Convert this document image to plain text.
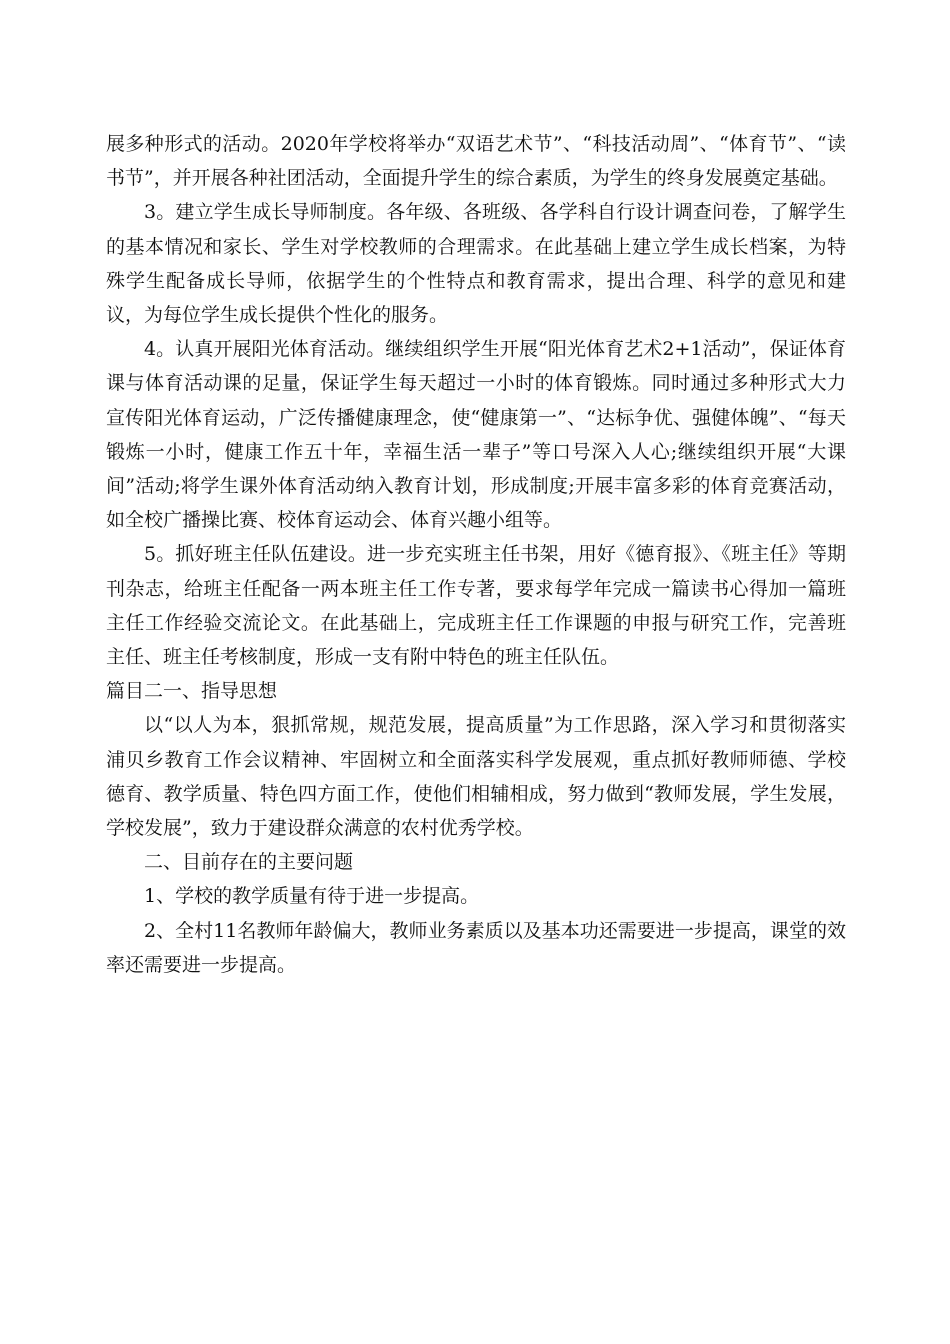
展多种形式的活动。2020年学校将举办“双语艺术节”、“科技活动周”、“体育节”、“读书节”，并开展各种社团活动，全面提升学生的综合素质，为学生的终身发展奠定基础。

3。建立学生成长导师制度。各年级、各班级、各学科自行设计调查问卷，了解学生的基本情况和家长、学生对学校教师的合理需求。在此基础上建立学生成长档案，为特殊学生配备成长导师，依据学生的个性特点和教育需求，提出合理、科学的意见和建议，为每位学生成长提供个性化的服务。

4。认真开展阳光体育活动。继续组织学生开展“阳光体育艺术2+1活动”，保证体育课与体育活动课的足量，保证学生每天超过一小时的体育锻炼。同时通过多种形式大力宣传阳光体育运动，广泛传播健康理念，使“健康第一”、“达标争优、强健体魄”、“每天锻炼一小时，健康工作五十年，幸福生活一辈子”等口号深入人心;继续组织开展“大课间”活动;将学生课外体育活动纳入教育计划，形成制度;开展丰富多彩的体育竞赛活动，如全校广播操比赛、校体育运动会、体育兴趣小组等。

5。抓好班主任队伍建设。进一步充实班主任书架，用好《德育报》、《班主任》等期刊杂志，给班主任配备一两本班主任工作专著，要求每学年完成一篇读书心得加一篇班主任工作经验交流论文。在此基础上，完成班主任工作课题的申报与研究工作，完善班主任、班主任考核制度，形成一支有附中特色的班主任队伍。

篇目二一、指导思想

以“以人为本，狠抓常规，规范发展，提高质量”为工作思路，深入学习和贯彻落实浦贝乡教育工作会议精神、牢固树立和全面落实科学发展观，重点抓好教师师德、学校德育、教学质量、特色四方面工作，使他们相辅相成，努力做到“教师发展，学生发展，学校发展”，致力于建设群众满意的农村优秀学校。

二、目前存在的主要问题

1、学校的教学质量有待于进一步提高。

2、全村11名教师年龄偏大，教师业务素质以及基本功还需要进一步提高，课堂的效率还需要进一步提高。
